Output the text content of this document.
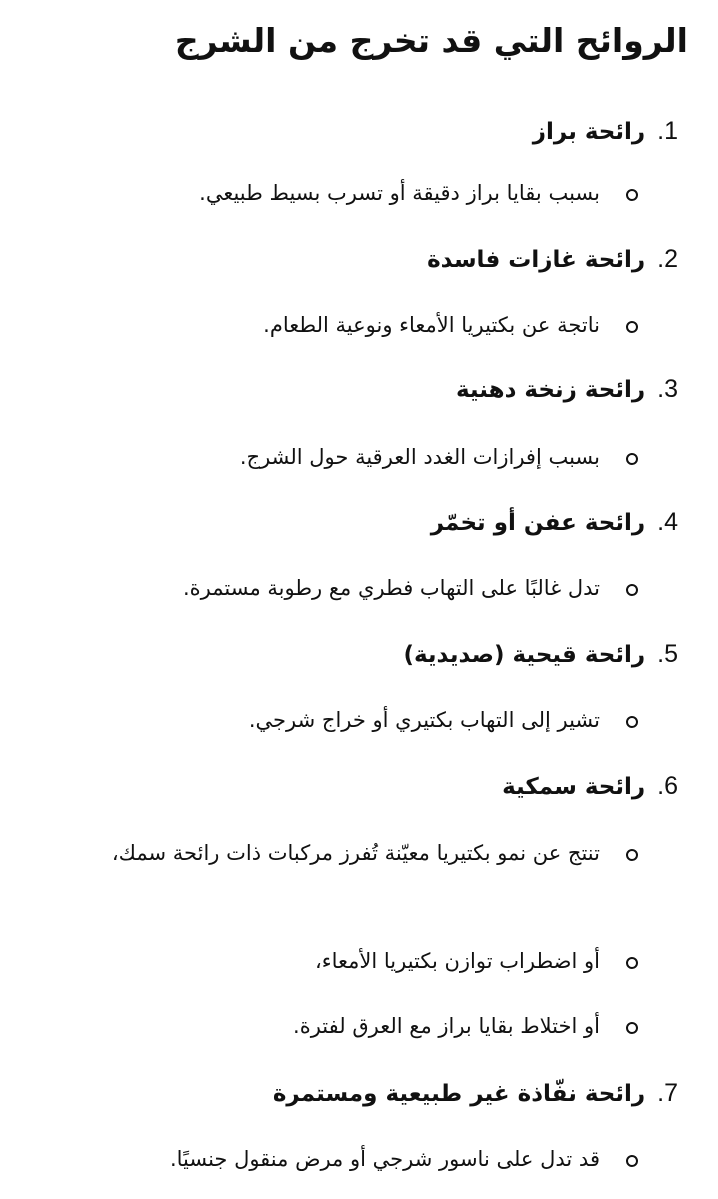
الروائح التي قد تخرج من الشرج
1.رائحة براز

بسبب بقايا براز دقيقة أو تسرب بسيط طبيعي.

2.رائحة غازات فاسدة

ناتجة عن بكتيريا الأمعاء ونوعية الطعام.

3.رائحة زنخة دهنية

بسبب إفرازات الغدد العرقية حول الشرج.

4.رائحة عفن أو تخمّر

تدل غالبًا على التهاب فطري مع رطوبة مستمرة.

5.رائحة قيحية (صديدية)

تشير إلى التهاب بكتيري أو خراج شرجي.

6.رائحة سمكية

تنتج عن نمو بكتيريا معيّنة تُفرز مركبات ذات رائحة سمك،

أو اضطراب توازن بكتيريا الأمعاء،

أو اختلاط بقايا براز مع العرق لفترة.

7.رائحة نفّاذة غير طبيعية ومستمرة

قد تدل على ناسور شرجي أو مرض منقول جنسيًا.
